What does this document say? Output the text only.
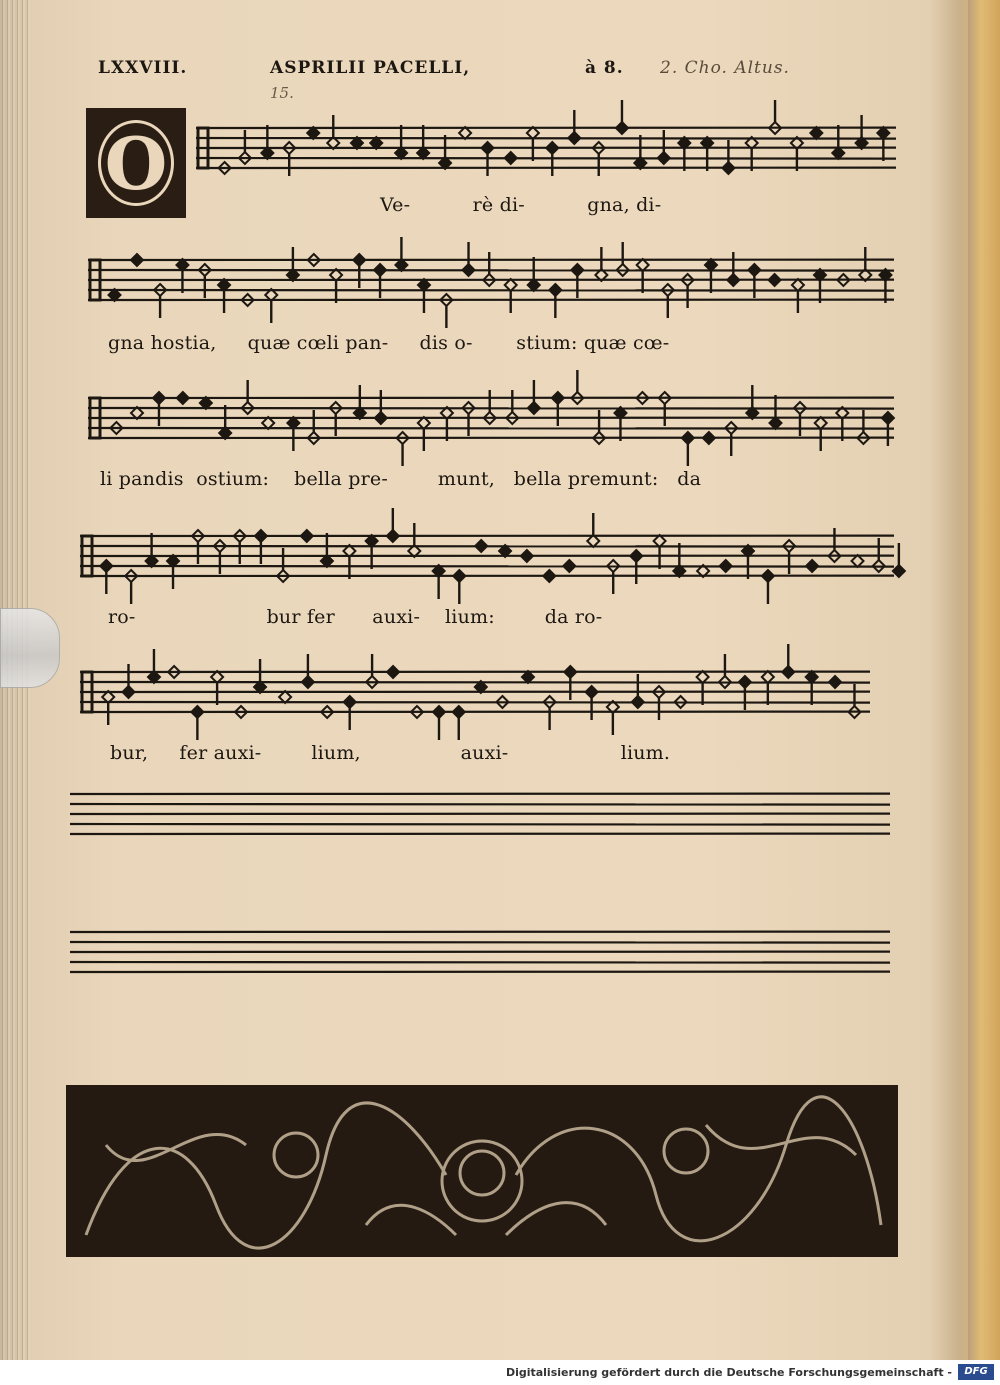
LXXVIII.	ASPRILII PACELLI,	à 8. 2. Cho. Altus.
15.
O	Ve-          rè di-          gna, di-
gna hostia,     quæ cœli pan-     dis o-       stium: quæ cœ-
li pandis  ostium:    bella pre-        munt,   bella premunt:   da
ro-                     bur fer      auxi-    lium:        da ro-
bur,     fer auxi-        lium,                auxi-                  lium.
Digitalisierung gefördert durch die Deutsche Forschungsgemeinschaft -	DFG
